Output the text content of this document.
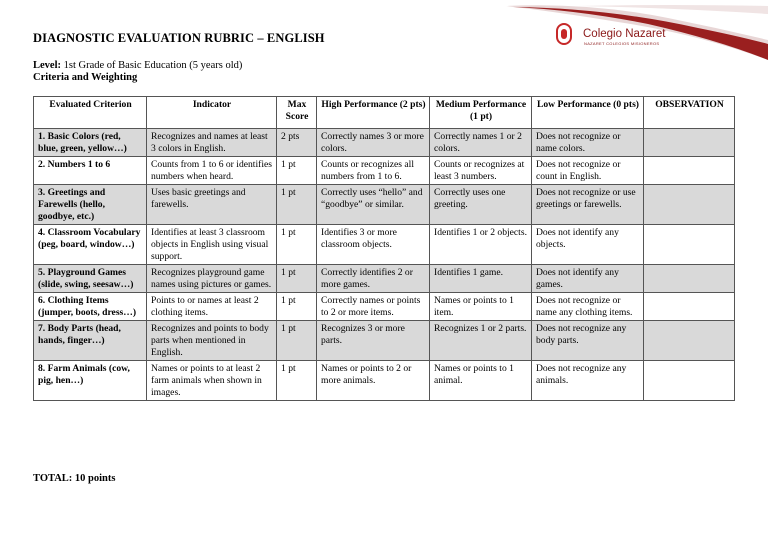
Colegio Nazaret
NAZARET COLEGIOS MISIONEROS
DIAGNOSTIC EVALUATION RUBRIC – ENGLISH
Level: 1st Grade of Basic Education (5 years old)
Criteria and Weighting
Evaluated Criterion	Indicator	Max Score	High Performance (2 pts)	Medium Performance (1 pt)	Low Performance (0 pts)	OBSERVATION
1. Basic Colors (red, blue, green, yellow…)	Recognizes and names at least 3 colors in English.	2 pts	Correctly names 3 or more colors.	Correctly names 1 or 2 colors.	Does not recognize or name colors.	
2. Numbers 1 to 6	Counts from 1 to 6 or identifies numbers when heard.	1 pt	Counts or recognizes all numbers from 1 to 6.	Counts or recognizes at least 3 numbers.	Does not recognize or count in English.	
3. Greetings and Farewells (hello, goodbye, etc.)	Uses basic greetings and farewells.	1 pt	Correctly uses “hello” and “goodbye” or similar.	Correctly uses one greeting.	Does not recognize or use greetings or farewells.	
4. Classroom Vocabulary (peg, board, window…)	Identifies at least 3 classroom objects in English using visual support.	1 pt	Identifies 3 or more classroom objects.	Identifies 1 or 2 objects.	Does not identify any objects.	
5. Playground Games (slide, swing, seesaw…)	Recognizes playground game names using pictures or games.	1 pt	Correctly identifies 2 or more games.	Identifies 1 game.	Does not identify any games.	
6. Clothing Items (jumper, boots, dress…)	Points to or names at least 2 clothing items.	1 pt	Correctly names or points to 2 or more items.	Names or points to 1 item.	Does not recognize or name any clothing items.	
7. Body Parts (head, hands, finger…)	Recognizes and points to body parts when mentioned in English.	1 pt	Recognizes 3 or more parts.	Recognizes 1 or 2 parts.	Does not recognize any body parts.	
8. Farm Animals (cow, pig, hen…)	Names or points to at least 2 farm animals when shown in images.	1 pt	Names or points to 2 or more animals.	Names or points to 1 animal.	Does not recognize any animals.	
TOTAL: 10 points
